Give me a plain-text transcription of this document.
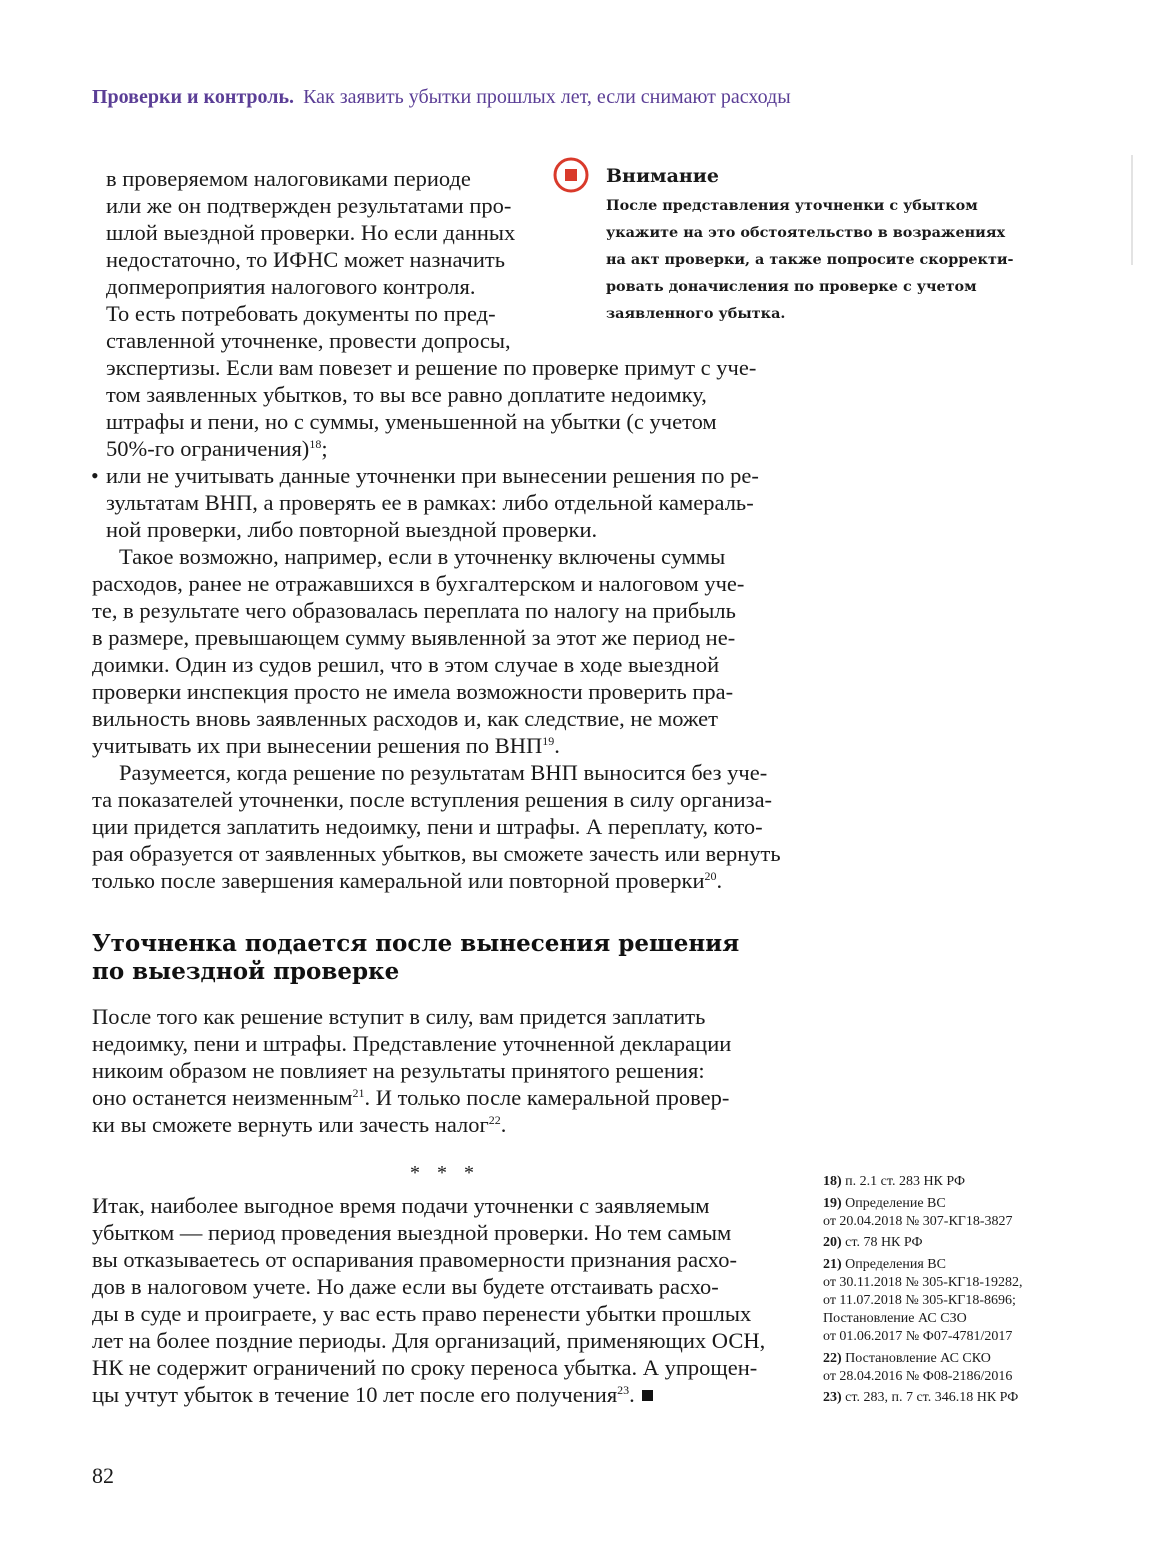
Проверки и контроль. Как заявить убытки прошлых лет, если снимают расходы
Внимание
После представления уточненки с убытком
укажите на это обстоятельство в возражениях
на акт проверки, а также попросите скорректи-
ровать доначисления по проверке с учетом
заявленного убытка.
в проверяемом налоговиками периоде
или же он подтвержден результатами про-
шлой выездной проверки. Но если данных
недостаточно, то ИФНС может назначить
допмероприятия налогового контроля.
То есть потребовать документы по пред-
ставленной уточненке, провести допросы,
экспертизы. Если вам повезет и решение по проверке примут с уче-
том заявленных убытков, то вы все равно доплатите недоимку,
штрафы и пени, но с суммы, уменьшенной на убытки (с учетом
50%-го ограничения)$^{18}$;
• или не учитывать данные уточненки при вынесении решения по ре-
зультатам ВНП, а проверять ее в рамках: либо отдельной камераль-
ной проверки, либо повторной выездной проверки.
Такое возможно, например, если в уточненку включены суммы
расходов, ранее не отражавшихся в бухгалтерском и налоговом уче-
те, в результате чего образовалась переплата по налогу на прибыль
в размере, превышающем сумму выявленной за этот же период не-
доимки. Один из судов решил, что в этом случае в ходе выездной
проверки инспекция просто не имела возможности проверить пра-
вильность вновь заявленных расходов и, как следствие, не может
учитывать их при вынесении решения по ВНП$^{19}$.
Разумеется, когда решение по результатам ВНП выносится без уче-
та показателей уточненки, после вступления решения в силу организа-
ции придется заплатить недоимку, пени и штрафы. А переплату, кото-
рая образуется от заявленных убытков, вы сможете зачесть или вернуть
только после завершения камеральной или повторной проверки$^{20}$.
Уточненка подается после вынесения решения
по выездной проверке
После того как решение вступит в силу, вам придется заплатить
недоимку, пени и штрафы. Представление уточненной декларации
никоим образом не повлияет на результаты принятого решения:
оно останется неизменным$^{21}$. И только после камеральной провер-
ки вы сможете вернуть или зачесть налог$^{22}$.
* * *
Итак, наиболее выгодное время подачи уточненки с заявляемым
убытком — период проведения выездной проверки. Но тем самым
вы отказываетесь от оспаривания правомерности признания расхо-
дов в налоговом учете. Но даже если вы будете отстаивать расхо-
ды в суде и проиграете, у вас есть право перенести убытки прошлых
лет на более поздние периоды. Для организаций, применяющих ОСН,
НК не содержит ограничений по сроку переноса убытка. А упрощен-
цы учтут убыток в течение 10 лет после его получения$^{23}$.
18) п. 2.1 ст. 283 НК РФ
19) Определение ВС
от 20.04.2018 № 307-КГ18-3827
20) ст. 78 НК РФ
21) Определения ВС
от 30.11.2018 № 305-КГ18-19282,
от 11.07.2018 № 305-КГ18-8696;
Постановление АС СЗО
от 01.06.2017 № Ф07-4781/2017
22) Постановление АС СКО
от 28.04.2016 № Ф08-2186/2016
23) ст. 283, п. 7 ст. 346.18 НК РФ
82
